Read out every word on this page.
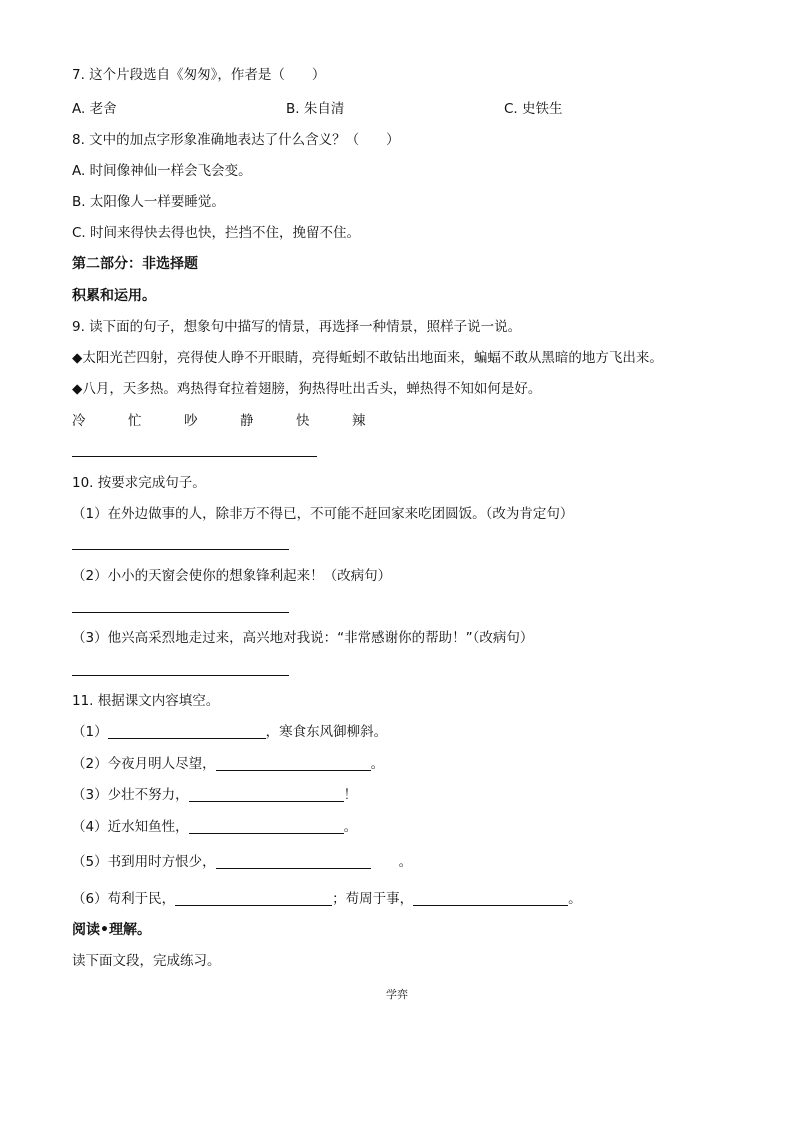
7. 这个片段选自《匆匆》，作者是（　　）
A. 老舍	B. 朱自清	C. 史铁生
8. 文中的加点字形象准确地表达了什么含义？（　　）
A. 时间像神仙一样会飞会变。
B. 太阳像人一样要睡觉。
C. 时间来得快去得也快，拦挡不住，挽留不住。
第二部分：非选择题
积累和运用。
9. 读下面的句子，想象句中描写的情景，再选择一种情景，照样子说一说。
◆太阳光芒四射，亮得使人睁不开眼睛，亮得蚯蚓不敢钻出地面来，蝙蝠不敢从黑暗的地方飞出来。
◆八月，天多热。鸡热得耷拉着翅膀，狗热得吐出舌头，蝉热得不知如何是好。
冷	忙	吵	静	快	辣
10. 按要求完成句子。
（1）在外边做事的人，除非万不得已，不可能不赶回家来吃团圆饭。（改为肯定句）
（2）小小的天窗会使你的想象锋利起来！（改病句）
（3）他兴高采烈地走过来，高兴地对我说：“非常感谢你的帮助！”（改病句）
11. 根据课文内容填空。
（1）	，寒食东风御柳斜。
（2）今夜月明人尽望，	。
（3）少壮不努力，	！
（4）近水知鱼性，	。
（5）书到用时方恨少，	。
（6）苟利于民，	；苟周于事，	。
阅读•理解。
读下面文段，完成练习。
学弈
